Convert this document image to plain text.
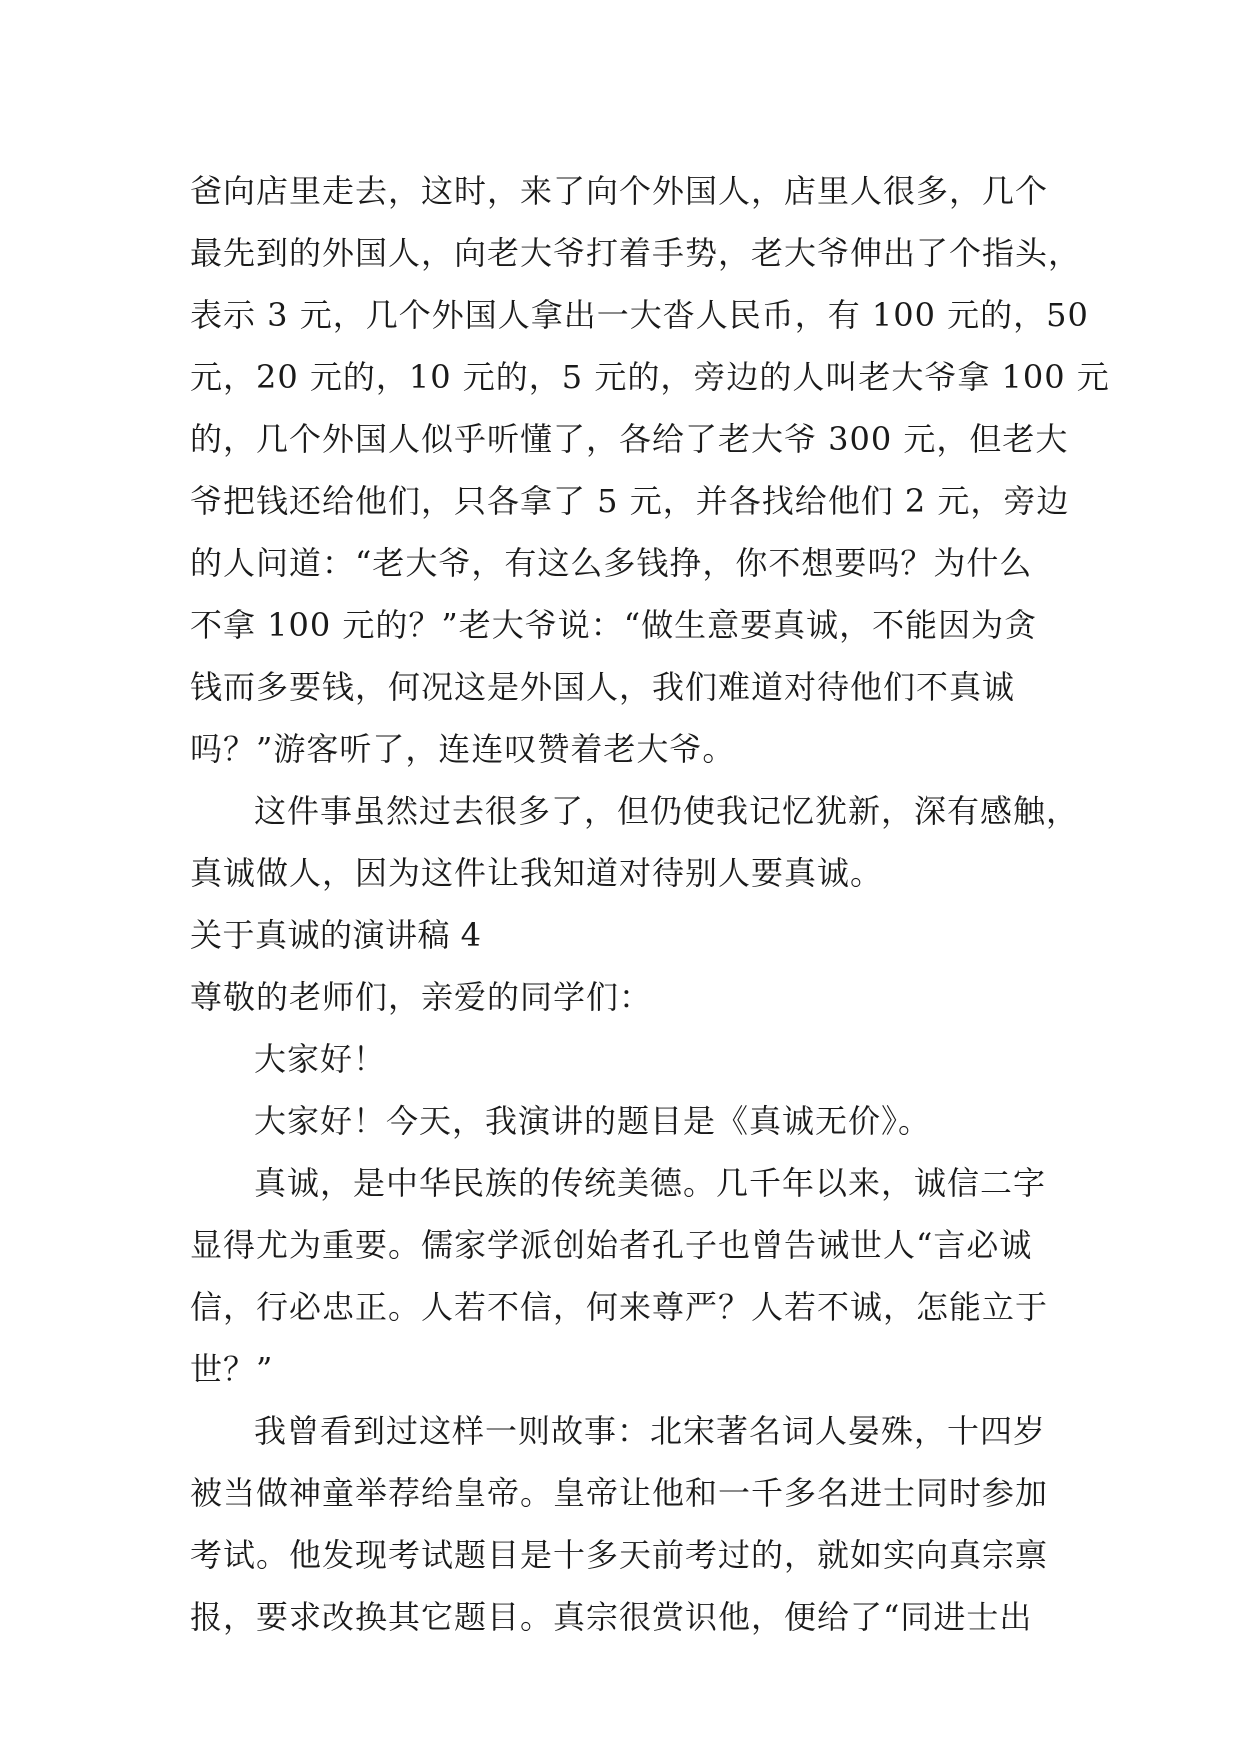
爸向店里走去，这时，来了向个外国人，店里人很多，几个
最先到的外国人，向老大爷打着手势，老大爷伸出了个指头，
表示 3 元，几个外国人拿出一大沓人民币，有 100 元的，50
元，20 元的，10 元的，5 元的，旁边的人叫老大爷拿 100 元
的，几个外国人似乎听懂了，各给了老大爷 300 元，但老大
爷把钱还给他们，只各拿了 5 元，并各找给他们 2 元，旁边
的人问道：“老大爷，有这么多钱挣，你不想要吗？为什么
不拿 100 元的？”老大爷说：“做生意要真诚，不能因为贪
钱而多要钱，何况这是外国人，我们难道对待他们不真诚
吗？”游客听了，连连叹赞着老大爷。
这件事虽然过去很多了，但仍使我记忆犹新，深有感触，
真诚做人，因为这件让我知道对待别人要真诚。
关于真诚的演讲稿 4
尊敬的老师们，亲爱的同学们：
大家好！
大家好！今天，我演讲的题目是《真诚无价》。
真诚，是中华民族的传统美德。几千年以来，诚信二字
显得尤为重要。儒家学派创始者孔子也曾告诫世人“言必诚
信，行必忠正。人若不信，何来尊严？人若不诚，怎能立于
世？”
我曾看到过这样一则故事：北宋著名词人晏殊，十四岁
被当做神童举荐给皇帝。皇帝让他和一千多名进士同时参加
考试。他发现考试题目是十多天前考过的，就如实向真宗禀
报，要求改换其它题目。真宗很赏识他，便给了“同进士出
